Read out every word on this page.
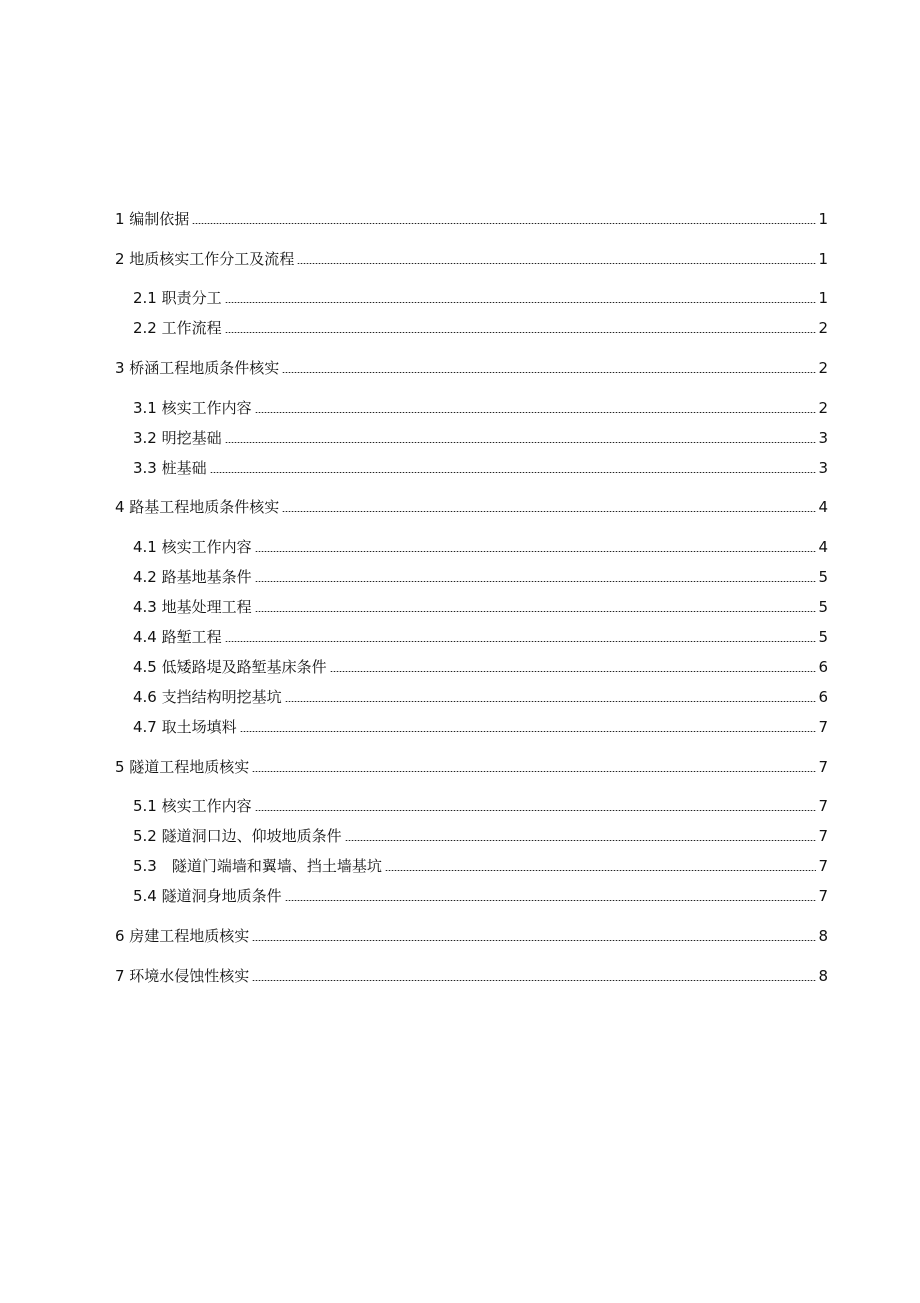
1 编制依据	1
2 地质核实工作分工及流程	1
2.1 职责分工	1
2.2 工作流程	2
3 桥涵工程地质条件核实	2
3.1 核实工作内容	2
3.2 明挖基础	3
3.3 桩基础	3
4 路基工程地质条件核实	4
4.1 核实工作内容	4
4.2 路基地基条件	5
4.3 地基处理工程	5
4.4 路堑工程	5
4.5 低矮路堤及路堑基床条件	6
4.6 支挡结构明挖基坑	6
4.7 取土场填料	7
5 隧道工程地质核实	7
5.1 核实工作内容	7
5.2 隧道洞口边、仰坡地质条件	7
5.3　隧道门端墙和翼墙、挡土墙基坑	7
5.4 隧道洞身地质条件	7
6 房建工程地质核实	8
7 环境水侵蚀性核实	8
